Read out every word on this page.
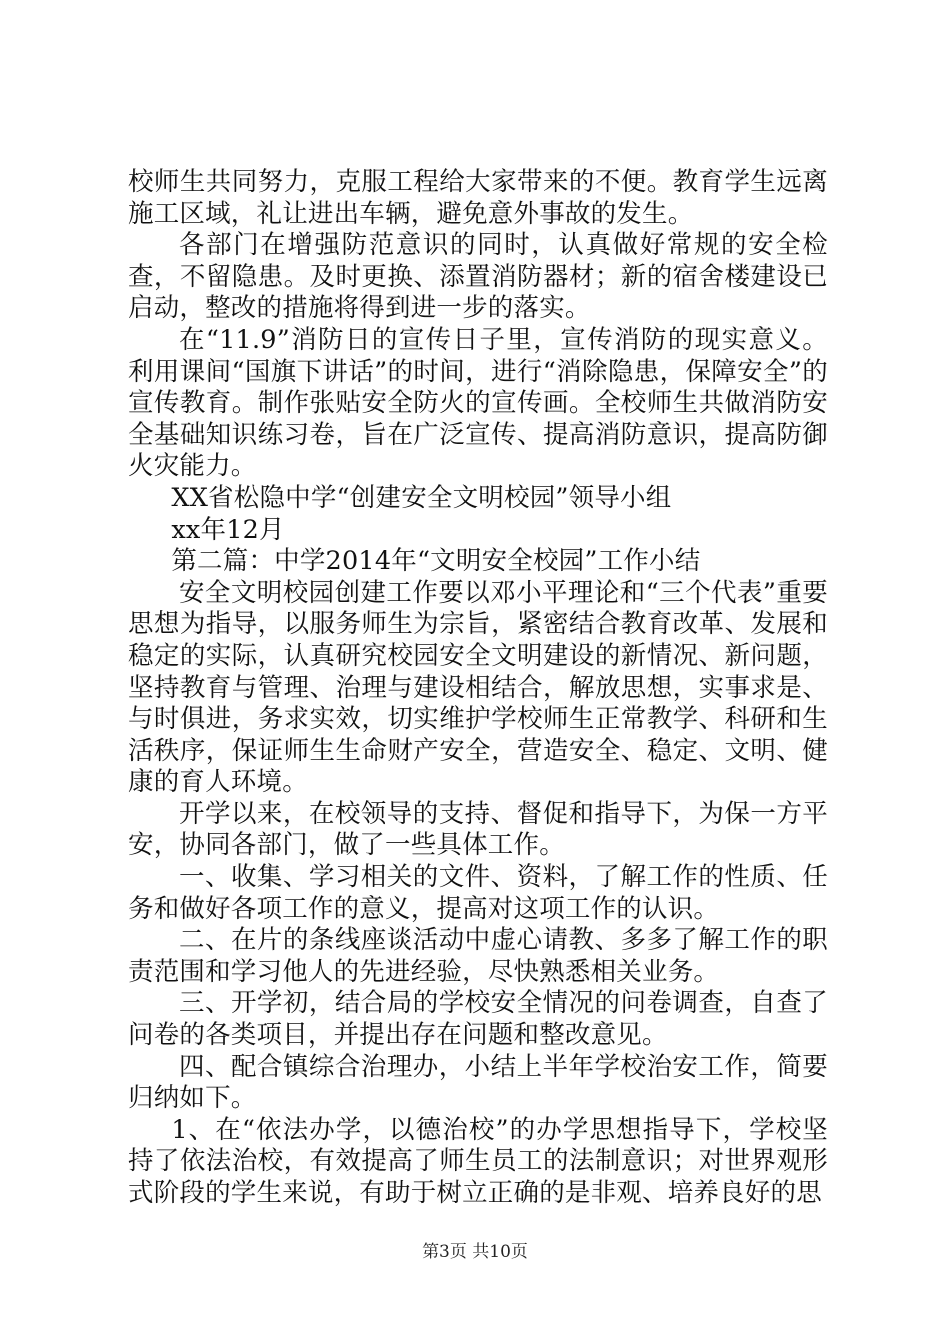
校师生共同努力，克服工程给大家带来的不便。教育学生远离施工区域，礼让进出车辆，避免意外事故的发生。

各部门在增强防范意识的同时，认真做好常规的安全检查，不留隐患。及时更换、添置消防器材；新的宿舍楼建设已启动，整改的措施将得到进一步的落实。

在“11.9”消防日的宣传日子里，宣传消防的现实意义。利用课间“国旗下讲话”的时间，进行“消除隐患，保障安全”的宣传教育。制作张贴安全防火的宣传画。全校师生共做消防安全基础知识练习卷，旨在广泛宣传、提高消防意识，提高防御火灾能力。

XX省松隐中学“创建安全文明校园”领导小组

xx年12月

第二篇：中学2014年“文明安全校园”工作小结

安全文明校园创建工作要以邓小平理论和“三个代表”重要思想为指导，以服务师生为宗旨，紧密结合教育改革、发展和稳定的实际，认真研究校园安全文明建设的新情况、新问题，坚持教育与管理、治理与建设相结合，解放思想，实事求是、与时俱进，务求实效，切实维护学校师生正常教学、科研和生活秩序，保证师生生命财产安全，营造安全、稳定、文明、健康的育人环境。

开学以来，在校领导的支持、督促和指导下，为保一方平安，协同各部门，做了一些具体工作。

一、收集、学习相关的文件、资料，了解工作的性质、任务和做好各项工作的意义，提高对这项工作的认识。

二、在片的条线座谈活动中虚心请教、多多了解工作的职责范围和学习他人的先进经验，尽快熟悉相关业务。

三、开学初，结合局的学校安全情况的问卷调查，自查了问卷的各类项目，并提出存在问题和整改意见。

四、配合镇综合治理办，小结上半年学校治安工作，简要归纳如下。

1、在“依法办学，以德治校”的办学思想指导下，学校坚持了依法治校，有效提高了师生员工的法制意识；对世界观形式阶段的学生来说，有助于树立正确的是非观、培养良好的思

第3页 共10页
